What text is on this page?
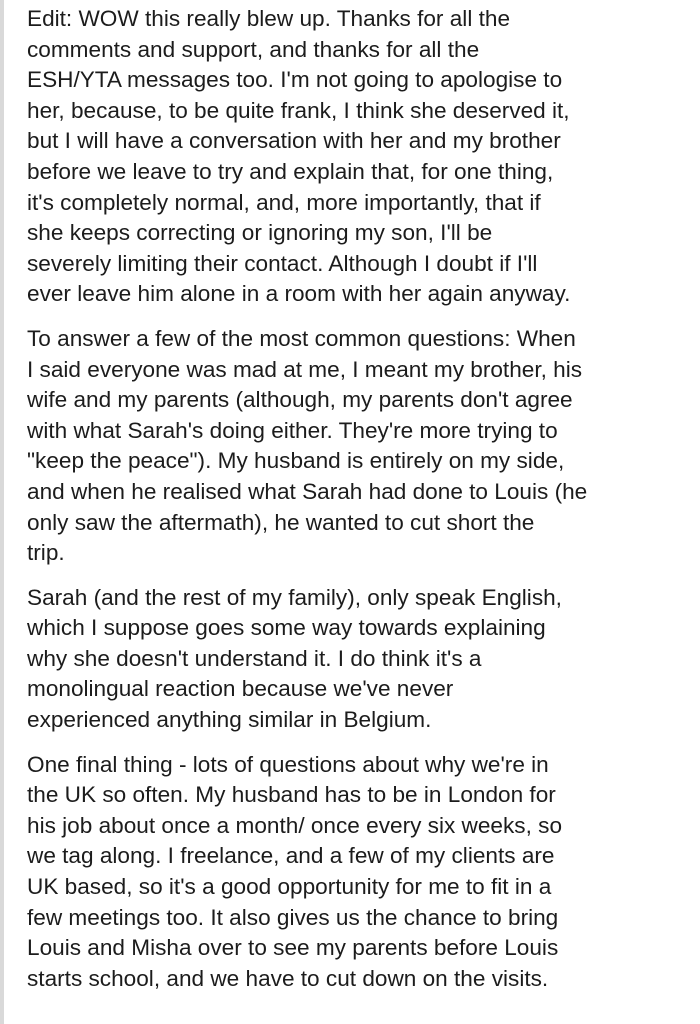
Edit: WOW this really blew up. Thanks for all the
comments and support, and thanks for all the
ESH/YTA messages too. I'm not going to apologise to
her, because, to be quite frank, I think she deserved it,
but I will have a conversation with her and my brother
before we leave to try and explain that, for one thing,
it's completely normal, and, more importantly, that if
she keeps correcting or ignoring my son, I'll be
severely limiting their contact. Although I doubt if I'll
ever leave him alone in a room with her again anyway.
To answer a few of the most common questions: When
I said everyone was mad at me, I meant my brother, his
wife and my parents (although, my parents don't agree
with what Sarah's doing either. They're more trying to
"keep the peace"). My husband is entirely on my side,
and when he realised what Sarah had done to Louis (he
only saw the aftermath), he wanted to cut short the
trip.
Sarah (and the rest of my family), only speak English,
which I suppose goes some way towards explaining
why she doesn't understand it. I do think it's a
monolingual reaction because we've never
experienced anything similar in Belgium.
One final thing - lots of questions about why we're in
the UK so often. My husband has to be in London for
his job about once a month/ once every six weeks, so
we tag along. I freelance, and a few of my clients are
UK based, so it's a good opportunity for me to fit in a
few meetings too. It also gives us the chance to bring
Louis and Misha over to see my parents before Louis
starts school, and we have to cut down on the visits.
